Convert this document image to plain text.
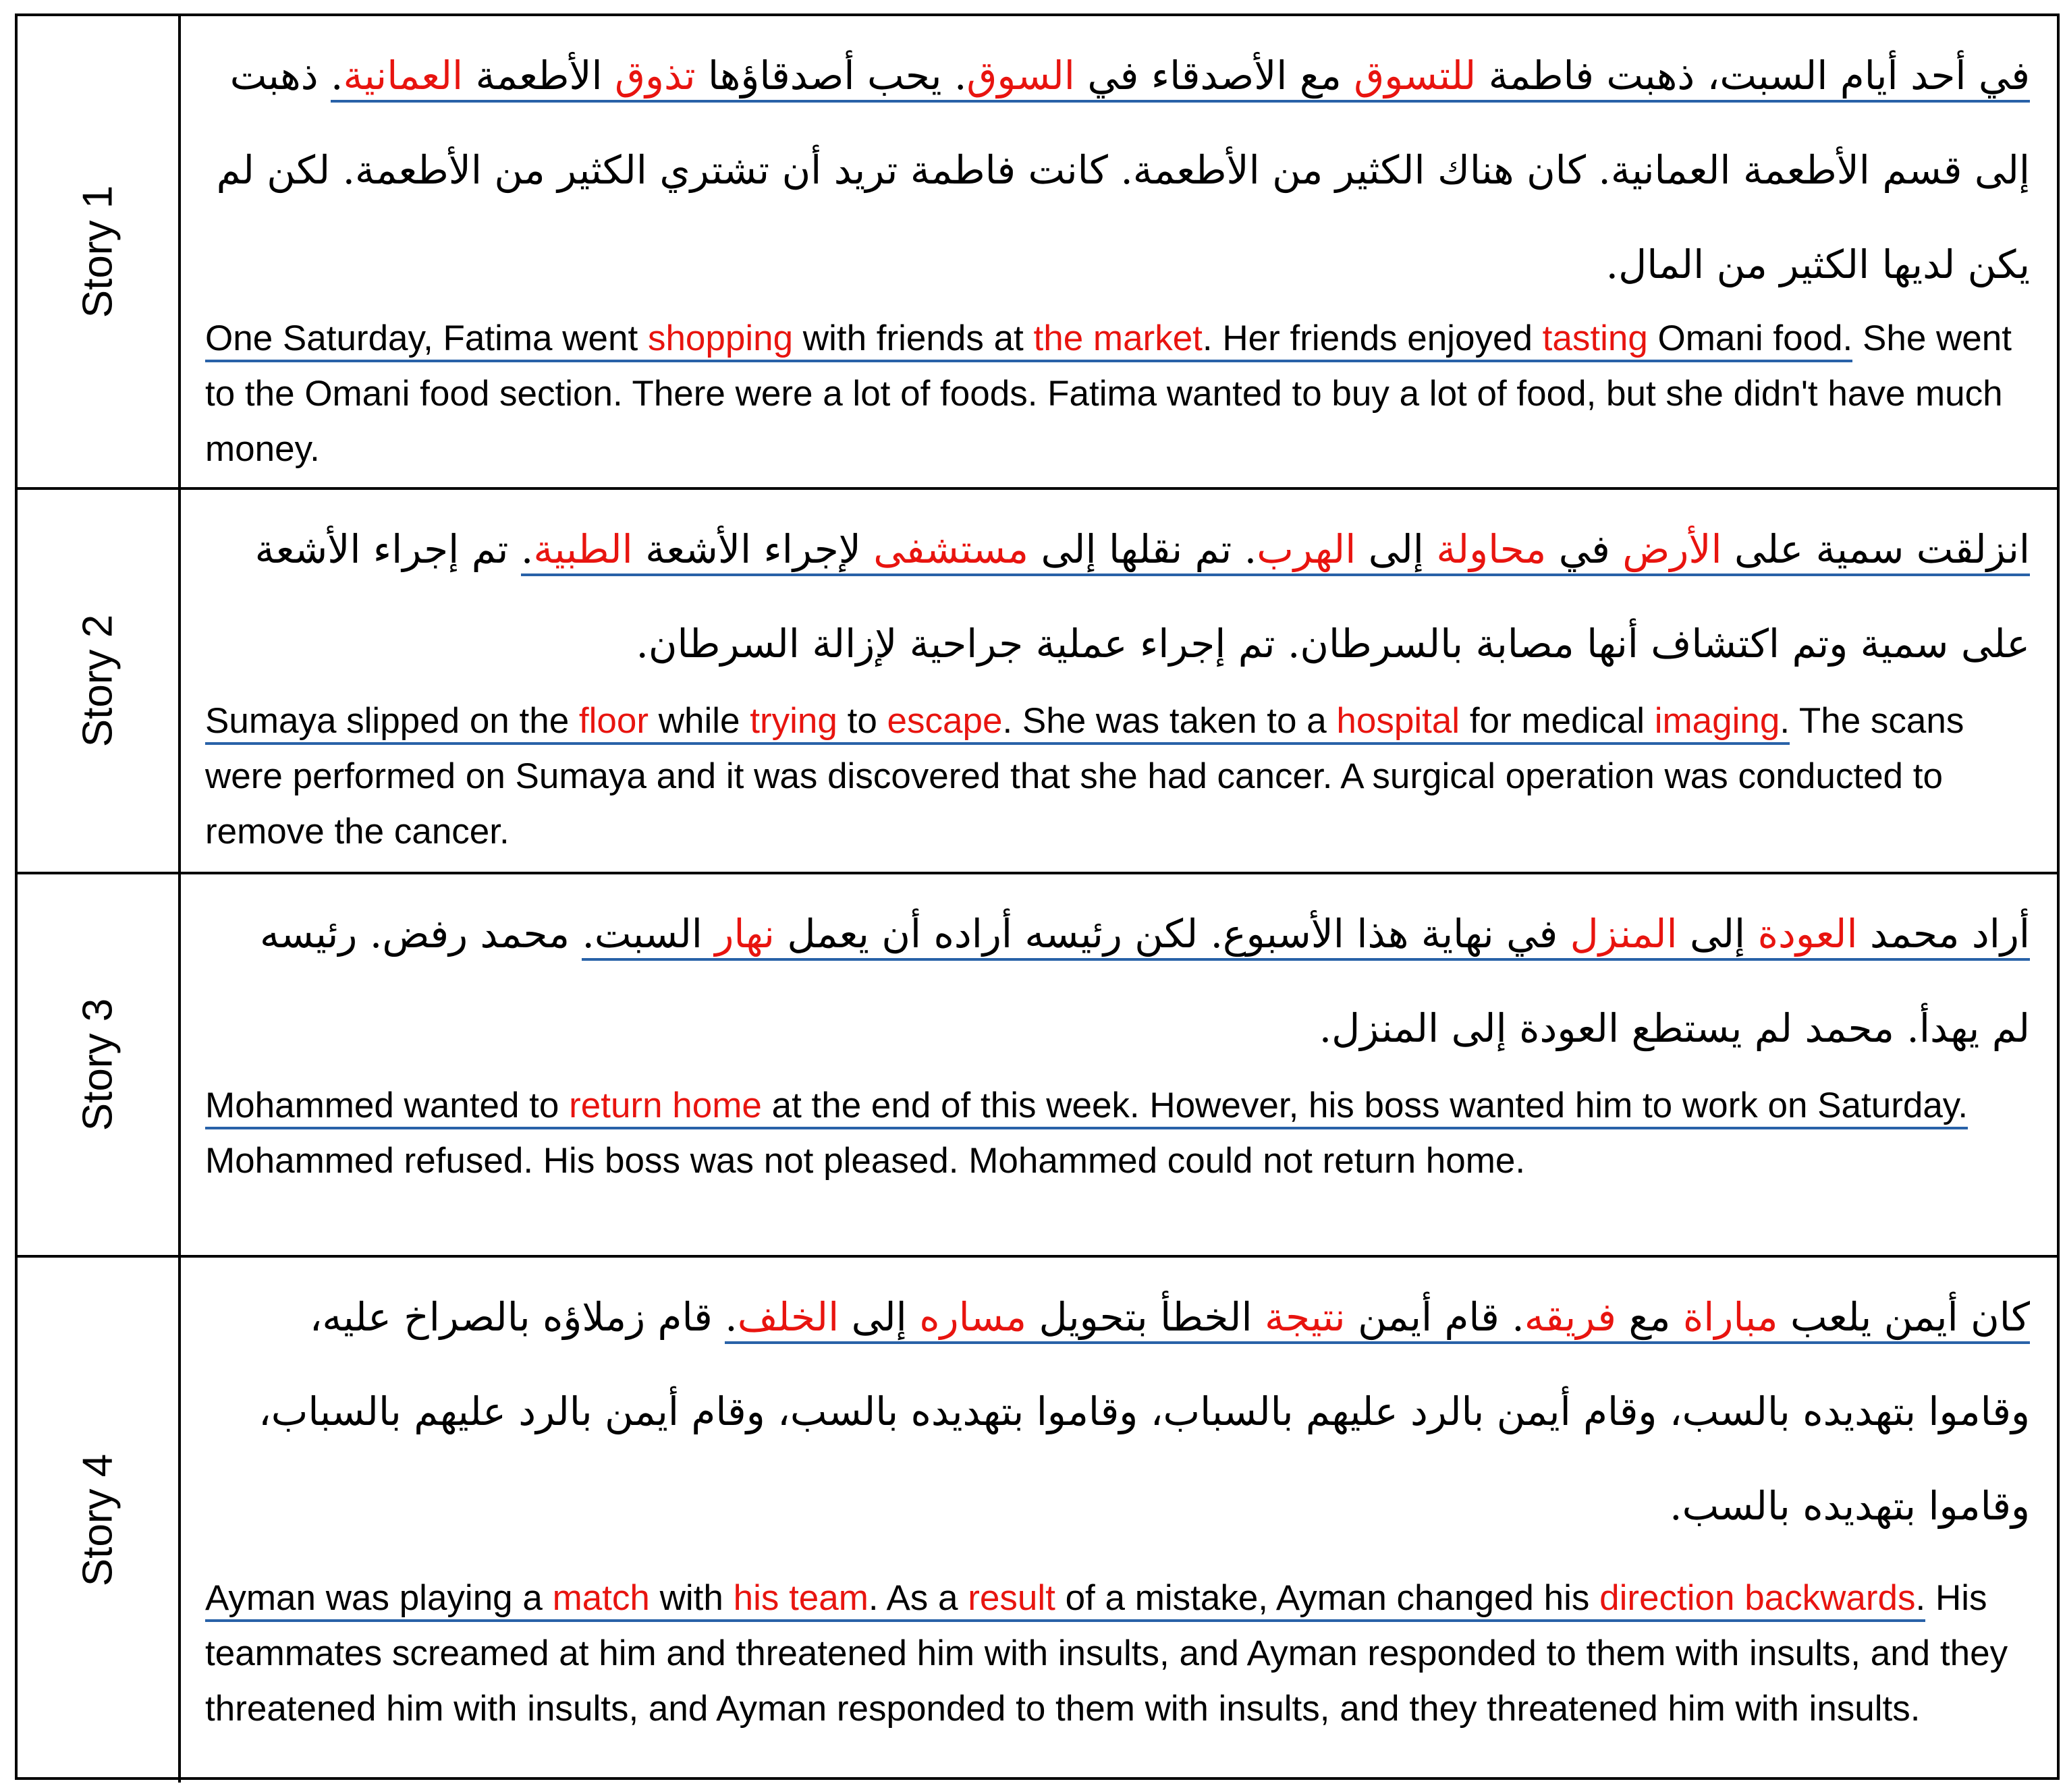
Story 1
في أحد أيام السبت، ذهبت فاطمة للتسوق مع الأصدقاء في السوق. يحب أصدقاؤها تذوق الأطعمة العمانية. ذهبت إلى قسم الأطعمة العمانية. كان هناك الكثير من الأطعمة. كانت فاطمة تريد أن تشتري الكثير من الأطعمة. لكن لم يكن لديها الكثير من المال.
One Saturday, Fatima went shopping with friends at the market. Her friends enjoyed tasting Omani food. She went to the Omani food section. There were a lot of foods. Fatima wanted to buy a lot of food, but she didn't have much money.
Story 2
انزلقت سمية على الأرض في محاولة إلى الهرب. تم نقلها إلى مستشفى لإجراء الأشعة الطبية. تم إجراء الأشعة على سمية وتم اكتشاف أنها مصابة بالسرطان. تم إجراء عملية جراحية لإزالة السرطان.
Sumaya slipped on the floor while trying to escape. She was taken to a hospital for medical imaging. The scans were performed on Sumaya and it was discovered that she had cancer. A surgical operation was conducted to remove the cancer.
Story 3
أراد محمد العودة إلى المنزل في نهاية هذا الأسبوع. لكن رئيسه أراده أن يعمل نهار السبت. محمد رفض. رئيسه لم يهدأ. محمد لم يستطع العودة إلى المنزل.
Mohammed wanted to return home at the end of this week. However, his boss wanted him to work on Saturday. Mohammed refused. His boss was not pleased. Mohammed could not return home.
Story 4
كان أيمن يلعب مباراة مع فريقه. قام أيمن نتيجة الخطأ بتحويل مساره إلى الخلف. قام زملاؤه بالصراخ عليه، وقاموا بتهديده بالسب، وقام أيمن بالرد عليهم بالسباب، وقاموا بتهديده بالسب، وقام أيمن بالرد عليهم بالسباب، وقاموا بتهديده بالسب.
Ayman was playing a match with his team. As a result of a mistake, Ayman changed his direction backwards. His teammates screamed at him and threatened him with insults, and Ayman responded to them with insults, and they threatened him with insults, and Ayman responded to them with insults, and they threatened him with insults.
